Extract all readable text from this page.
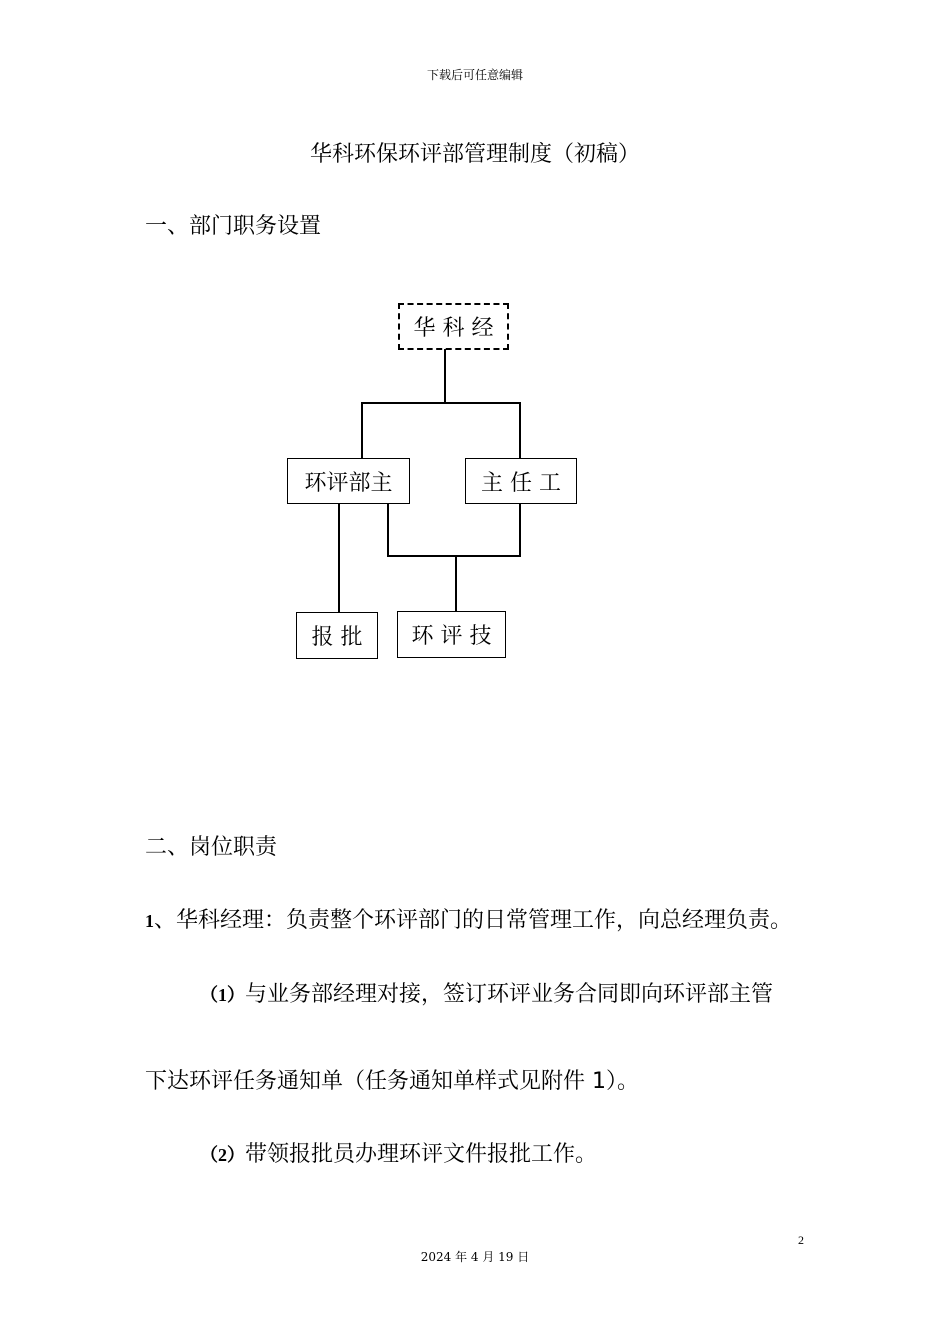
下载后可任意编辑
华科环保环评部管理制度（初稿）
一、部门职务设置
华 科 经
环评部主	主 任 工
报 批 环 评 技
二、岗位职责
1、华科经理：负责整个环评部门的日常管理工作，向总经理负责。
（1）与业务部经理对接，签订环评业务合同即向环评部主管
下达环评任务通知单（任务通知单样式见附件 1）。
（2）带领报批员办理环评文件报批工作。
2
2024 年 4 月 19 日
